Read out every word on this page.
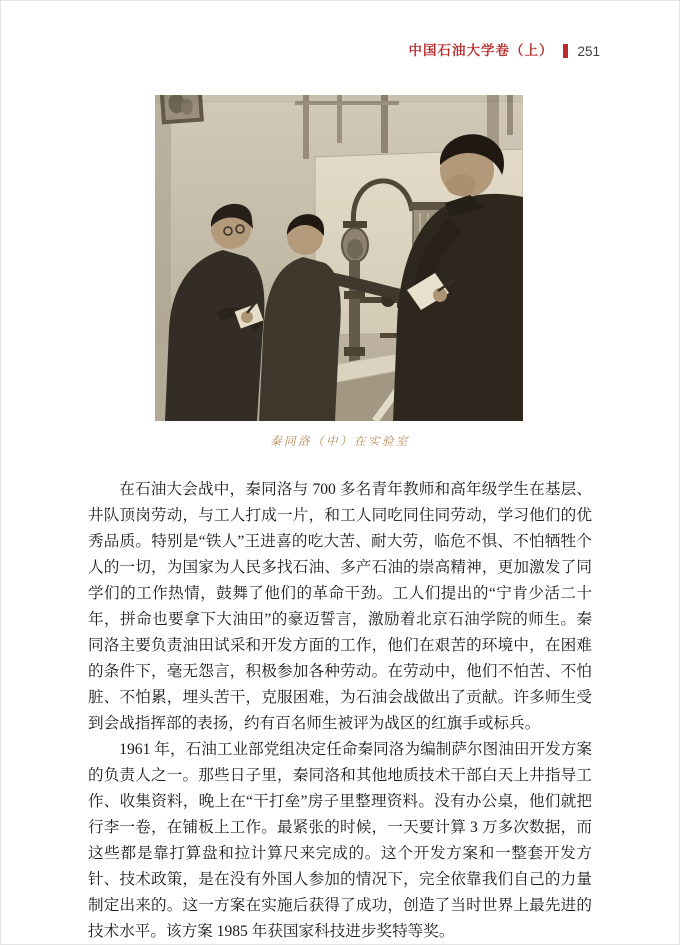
中国石油大学卷（上） 251
秦同洛（中）在实验室

在石油大会战中，秦同洛与 700 多名青年教师和高年级学生在基层、井队顶岗劳动，与工人打成一片，和工人同吃同住同劳动，学习他们的优秀品质。特别是“铁人”王进喜的吃大苦、耐大劳，临危不惧、不怕牺牲个人的一切，为国家为人民多找石油、多产石油的崇高精神，更加激发了同学们的工作热情，鼓舞了他们的革命干劲。工人们提出的“宁肯少活二十年，拼命也要拿下大油田”的豪迈誓言，激励着北京石油学院的师生。秦同洛主要负责油田试采和开发方面的工作，他们在艰苦的环境中，在困难的条件下，毫无怨言，积极参加各种劳动。在劳动中，他们不怕苦、不怕脏、不怕累，埋头苦干，克服困难，为石油会战做出了贡献。许多师生受到会战指挥部的表扬，约有百名师生被评为战区的红旗手或标兵。

1961 年，石油工业部党组决定任命秦同洛为编制萨尔图油田开发方案的负责人之一。那些日子里，秦同洛和其他地质技术干部白天上井指导工作、收集资料，晚上在“干打垒”房子里整理资料。没有办公桌，他们就把行李一卷，在铺板上工作。最紧张的时候，一天要计算 3 万多次数据，而这些都是靠打算盘和拉计算尺来完成的。这个开发方案和一整套开发方针、技术政策，是在没有外国人参加的情况下，完全依靠我们自己的力量制定出来的。这一方案在实施后获得了成功，创造了当时世界上最先进的技术水平。该方案 1985 年获国家科技进步奖特等奖。
